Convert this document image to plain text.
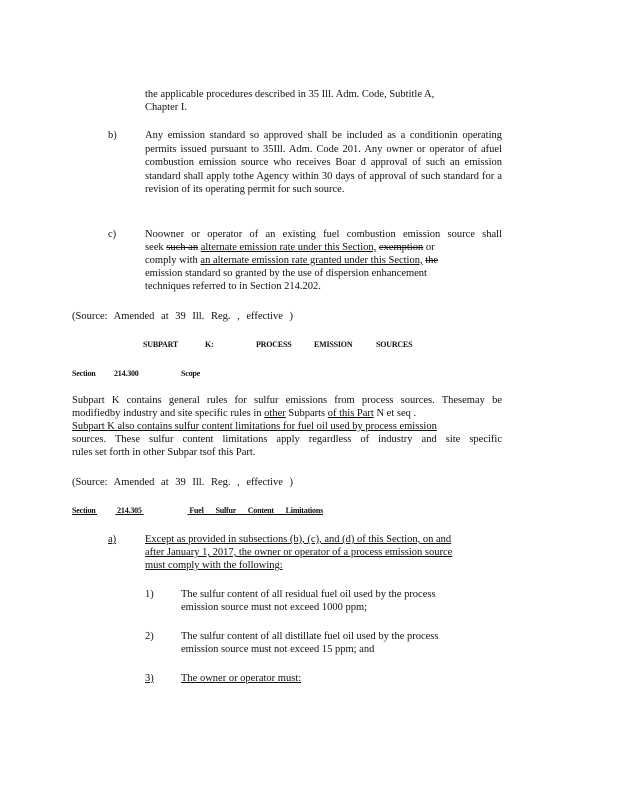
the applicable procedures described in 35 Ill. Adm. Code, Subtitle A,
Chapter I.
b)	Any emission standard so approved shall be included as a conditionin operating permits issued pursuant to 35Ill. Adm. Code 201. Any owner or operator of afuel combustion emission source who receives Boar d approval of such an emission standard shall apply tothe Agency within 30 days of approval of such standard for a revision of its operating permit for such source.
c)	Noowner or operator of an existing fuel combustion emission source shall
seek such an alternate emission rate under this Section, exemption or
comply with an alternate emission rate granted under this Section, the
emission standard so granted by the use of dispersion enhancement
techniques referred to in Section 214.202.
(Source: Amended at 39 Ill. Reg. , effective )
SUBPART	K:	PROCESS	EMISSION	SOURCES
Section 214.300	Scope
Subpart K contains general rules for sulfur emissions from process sources. Thesemay be
modifiedby industry and site specific rules in other Subparts of this Part N et seq .
Subpart K also contains sulfur content limitations for fuel oil used by process emission
sources. These sulfur content limitations apply regardless of industry and site specific
rules set forth in other Subpar tsof this Part.
(Source: Amended at 39 Ill. Reg. , effective )
Section	214.305	Fuel Sulfur Content Limitations
a)	Except as provided in subsections (b), (c), and (d) of this Section, on and
after January 1, 2017, the owner or operator of a process emission source
must comply with the following:
1)	The sulfur content of all residual fuel oil used by the process
emission source must not exceed 1000 ppm;
2)	The sulfur content of all distillate fuel oil used by the process
emission source must not exceed 15 ppm; and
3)	The owner or operator must:
